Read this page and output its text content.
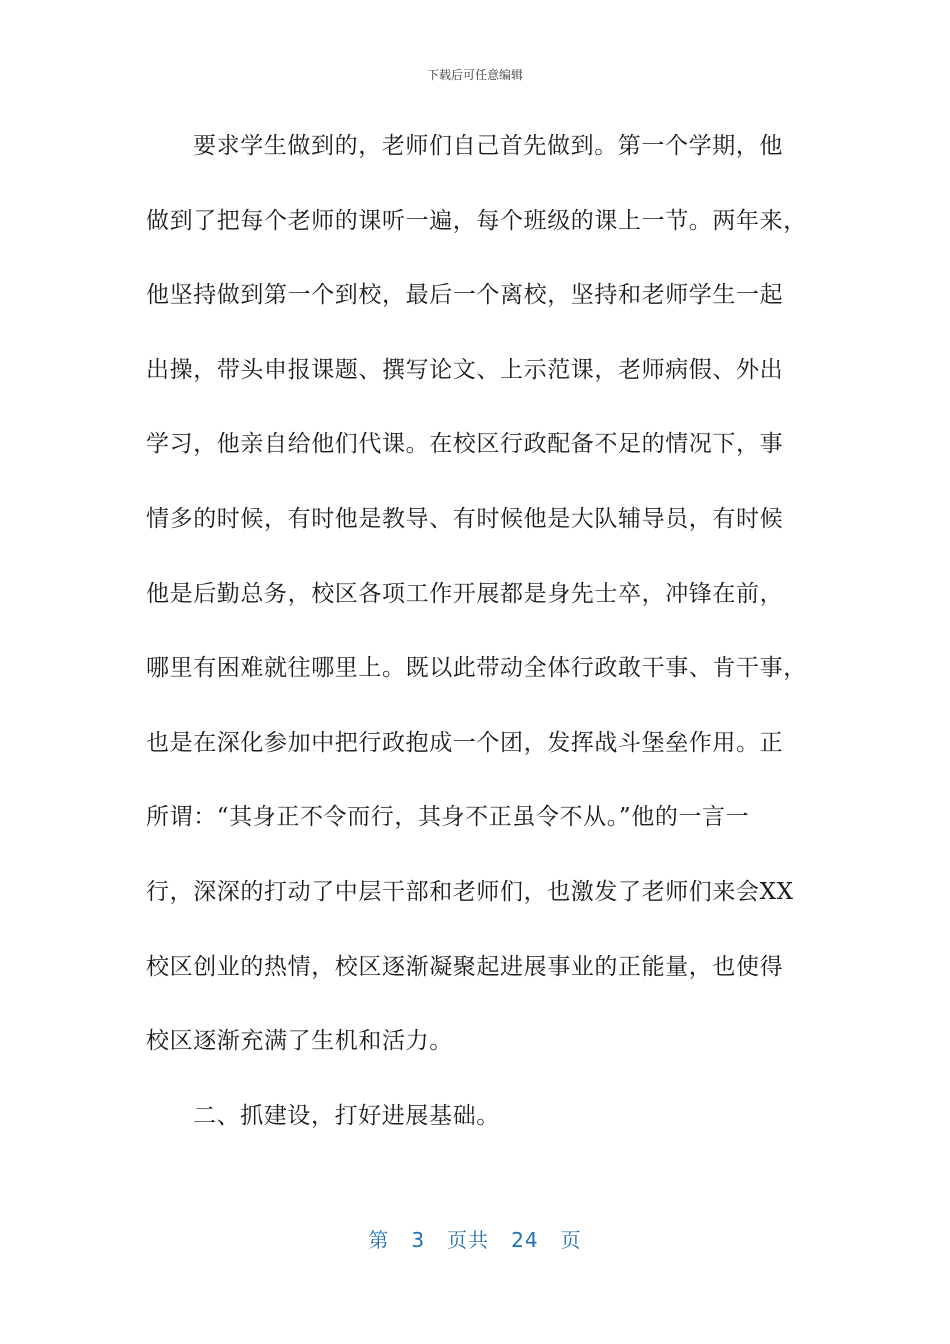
下载后可任意编辑
要求学生做到的，老师们自己首先做到。第一个学期，他
做到了把每个老师的课听一遍，每个班级的课上一节。两年来，
他坚持做到第一个到校，最后一个离校，坚持和老师学生一起
出操，带头申报课题、撰写论文、上示范课，老师病假、外出
学习，他亲自给他们代课。在校区行政配备不足的情况下，事
情多的时候，有时他是教导、有时候他是大队辅导员，有时候
他是后勤总务，校区各项工作开展都是身先士卒，冲锋在前，
哪里有困难就往哪里上。既以此带动全体行政敢干事、肯干事，
也是在深化参加中把行政抱成一个团，发挥战斗堡垒作用。正
所谓：“其身正不令而行，其身不正虽令不从。”他的一言一
行，深深的打动了中层干部和老师们，也激发了老师们来会XX
校区创业的热情，校区逐渐凝聚起进展事业的正能量，也使得
校区逐渐充满了生机和活力。
二、抓建设，打好进展基础。
第 3 页共 24 页
